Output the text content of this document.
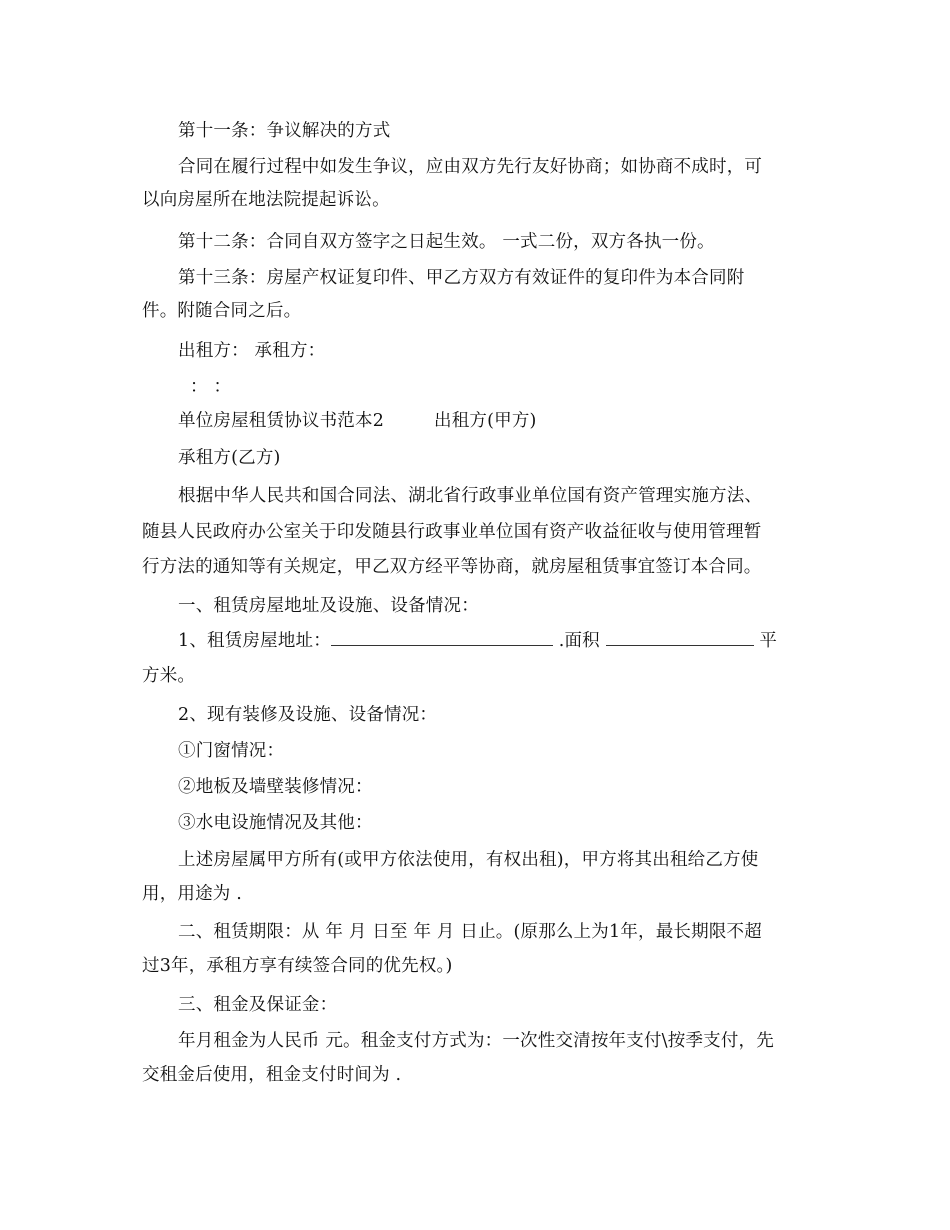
第十一条：争议解决的方式
合同在履行过程中如发生争议，应由双方先行友好协商；如协商不成时，可
以向房屋所在地法院提起诉讼。
第十二条：合同自双方签字之日起生效。 一式二份，双方各执一份。
第十三条：房屋产权证复印件、甲乙方双方有效证件的复印件为本合同附
件。附随合同之后。
出租方： 承租方：
： ：
单位房屋租赁协议书范本2	出租方(甲方)
承租方(乙方)
根据中华人民共和国合同法、湖北省行政事业单位国有资产管理实施方法、
随县人民政府办公室关于印发随县行政事业单位国有资产收益征收与使用管理暂
行方法的通知等有关规定，甲乙双方经平等协商，就房屋租赁事宜签订本合同。
一、租赁房屋地址及设施、设备情况：
1、租赁房屋地址：	.面积	平
方米。
2、现有装修及设施、设备情况：
①门窗情况：
②地板及墙壁装修情况：
③水电设施情况及其他：
上述房屋属甲方所有(或甲方依法使用，有权出租)，甲方将其出租给乙方使
用，用途为 .
二、租赁期限：从 年 月 日至 年 月 日止。(原那么上为1年，最长期限不超
过3年，承租方享有续签合同的优先权。)
三、租金及保证金：
年月租金为人民币 元。租金支付方式为：一次性交清按年支付\按季支付，先
交租金后使用，租金支付时间为 .
